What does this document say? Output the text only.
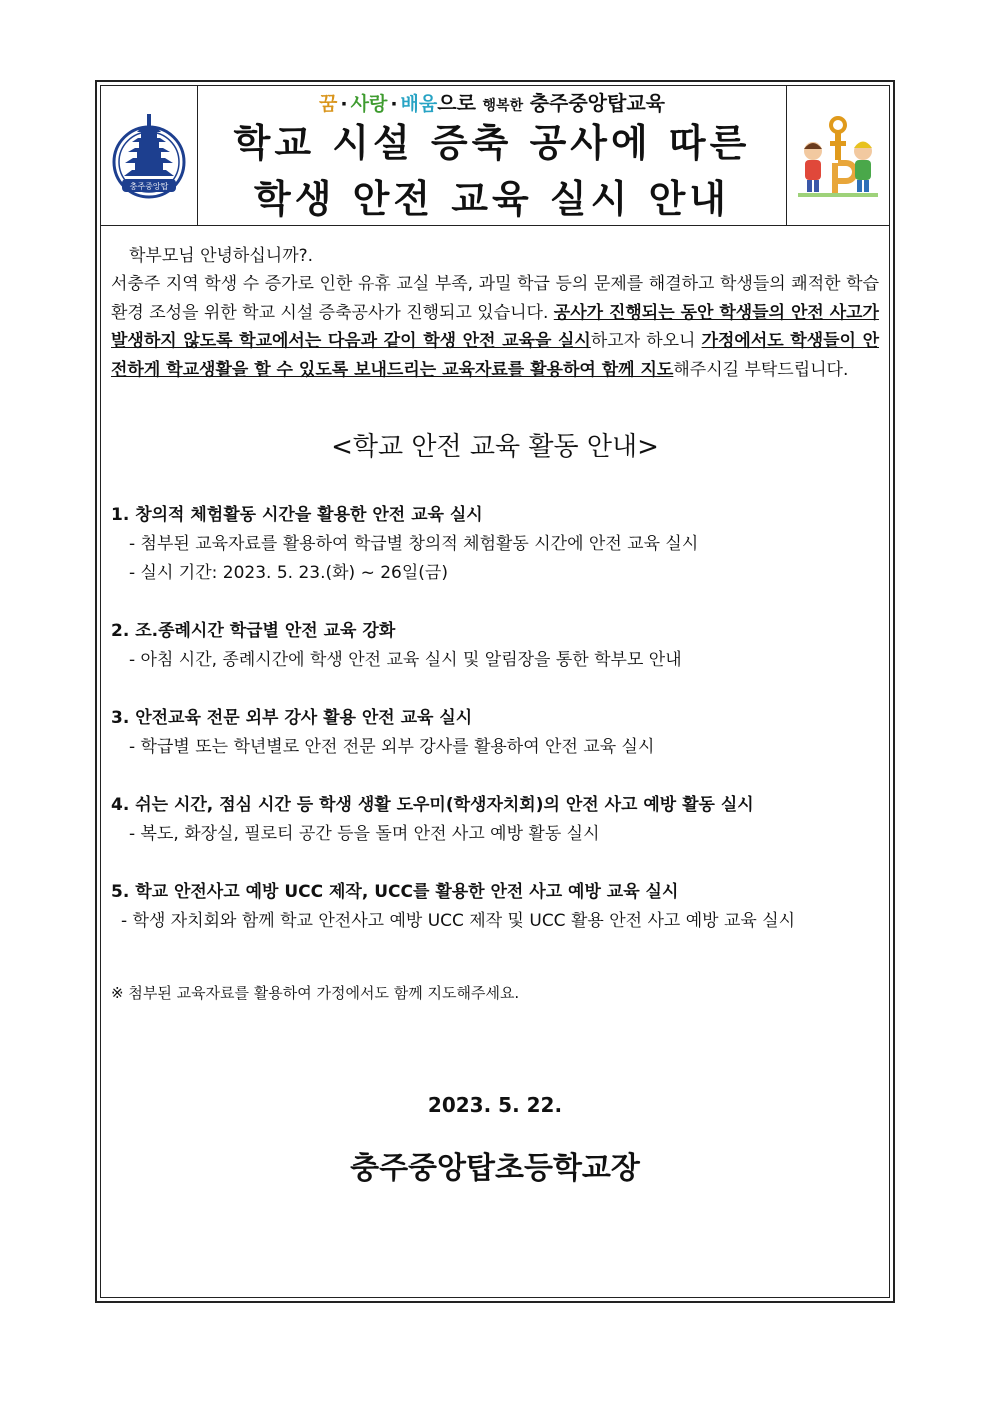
충주중앙탑
꿈 · 사랑 · 배움으로 행복한 충주중앙탑교육
학교 시설 증축 공사에 따른
학생 안전 교육 실시 안내

학부모님 안녕하십니까?.

서충주 지역 학생 수 증가로 인한 유휴 교실 부족, 과밀 학급 등의 문제를 해결하고 학생들의 쾌적한 학습 환경 조성을 위한 학교 시설 증축공사가 진행되고 있습니다. 공사가 진행되는 동안 학생들의 안전 사고가 발생하지 않도록 학교에서는 다음과 같이 학생 안전 교육을 실시하고자 하오니 가정에서도 학생들이 안전하게 학교생활을 할 수 있도록 보내드리는 교육자료를 활용하여 함께 지도해주시길 부탁드립니다.

<학교 안전 교육 활동 안내>

1. 창의적 체험활동 시간을 활용한 안전 교육 실시

- 첨부된 교육자료를 활용하여 학급별 창의적 체험활동 시간에 안전 교육 실시

- 실시 기간: 2023. 5. 23.(화) ~ 26일(금)

2. 조.종례시간 학급별 안전 교육 강화

- 아침 시간, 종례시간에 학생 안전 교육 실시 및 알림장을 통한 학부모 안내

3. 안전교육 전문 외부 강사 활용 안전 교육 실시

- 학급별 또는 학년별로 안전 전문 외부 강사를 활용하여 안전 교육 실시

4. 쉬는 시간, 점심 시간 등 학생 생활 도우미(학생자치회)의 안전 사고 예방 활동 실시

- 복도, 화장실, 필로티 공간 등을 돌며 안전 사고 예방 활동 실시

5. 학교 안전사고 예방 UCC 제작, UCC를 활용한 안전 사고 예방 교육 실시

- 학생 자치회와 함께 학교 안전사고 예방 UCC 제작 및 UCC 활용 안전 사고 예방 교육 실시

※ 첨부된 교육자료를 활용하여 가정에서도 함께 지도해주세요.
2023. 5. 22.
충주중앙탑초등학교장
